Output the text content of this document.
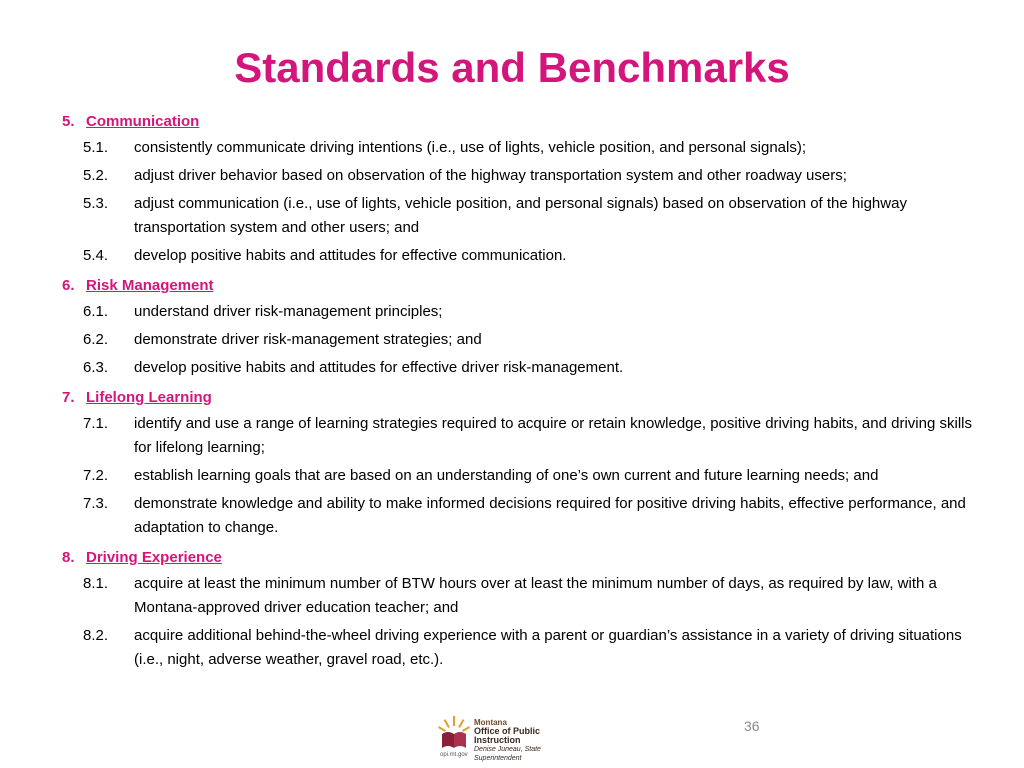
Standards and Benchmarks
5. Communication
5.1.	consistently communicate driving intentions (i.e., use of lights, vehicle position, and personal signals);
5.2.	adjust driver behavior based on observation of the highway transportation system and other roadway users;
5.3.	adjust communication (i.e., use of lights, vehicle position, and personal signals) based on observation of the highway transportation system and other users; and
5.4.	develop positive habits and attitudes for effective communication.
6. Risk Management
6.1.	understand driver risk-management principles;
6.2.	demonstrate driver risk-management strategies; and
6.3.	develop positive habits and attitudes for effective driver risk-management.
7. Lifelong Learning
7.1.	identify and use a range of learning strategies required to acquire or retain knowledge, positive driving habits, and driving skills for lifelong learning;
7.2.	establish learning goals that are based on an understanding of one’s own current and future learning needs; and
7.3.	demonstrate knowledge and ability to make informed decisions required for positive driving habits, effective performance, and adaptation to change.
8. Driving Experience
8.1.	acquire at least the minimum number of BTW hours over at least the minimum number of days, as required by law, with a Montana-approved driver education teacher; and
8.2.	acquire additional behind-the-wheel driving experience with a parent or guardian’s assistance in a variety of driving situations (i.e., night, adverse weather, gravel road, etc.).
Montana
Office of Public Instruction
Denise Juneau, State Superintendent
opi.mt.gov
36
